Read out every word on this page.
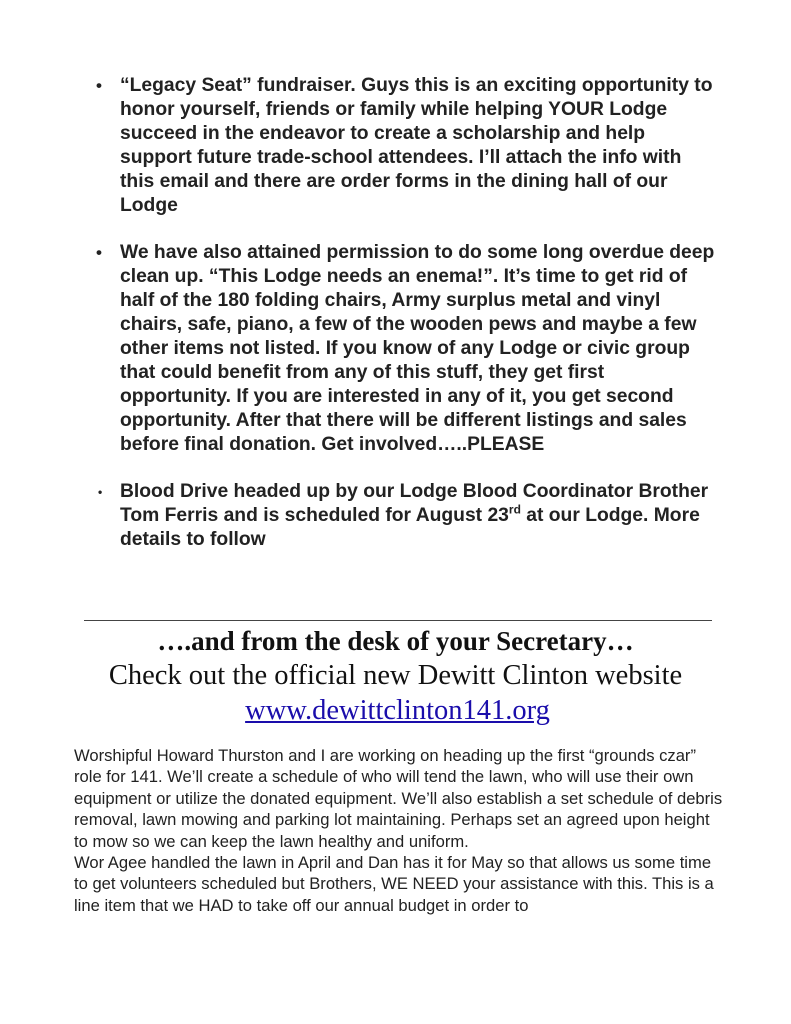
• “Legacy Seat” fundraiser. Guys this is an exciting opportunity to honor yourself, friends or family while helping YOUR Lodge succeed in the endeavor to create a scholarship and help support future trade-school attendees. I’ll attach the info with this email and there are order forms in the dining hall of our Lodge

• We have also attained permission to do some long overdue deep clean up. “This Lodge needs an enema!”. It’s time to get rid of half of the 180 folding chairs, Army surplus metal and vinyl chairs, safe, piano, a few of the wooden pews and maybe a few other items not listed. If you know of any Lodge or civic group that could benefit from any of this stuff, they get first opportunity. If you are interested in any of it, you get second opportunity. After that there will be different listings and sales before final donation. Get involved…..PLEASE

• Blood Drive headed up by our Lodge Blood Coordinator Brother Tom Ferris and is scheduled for August 23rd at our Lodge. More details to follow

….and from the desk of your Secretary…

Check out the official new Dewitt Clinton website

www.dewittclinton141.org

Worshipful Howard Thurston and I are working on heading up the first “grounds czar” role for 141. We’ll create a schedule of who will tend the lawn, who will use their own equipment or utilize the donated equipment. We’ll also establish a set schedule of debris removal, lawn mowing and parking lot maintaining. Perhaps set an agreed upon height to mow so we can keep the lawn healthy and uniform.

Wor Agee handled the lawn in April and Dan has it for May so that allows us some time to get volunteers scheduled but Brothers, WE NEED your assistance with this. This is a line item that we HAD to take off our annual budget in order to
